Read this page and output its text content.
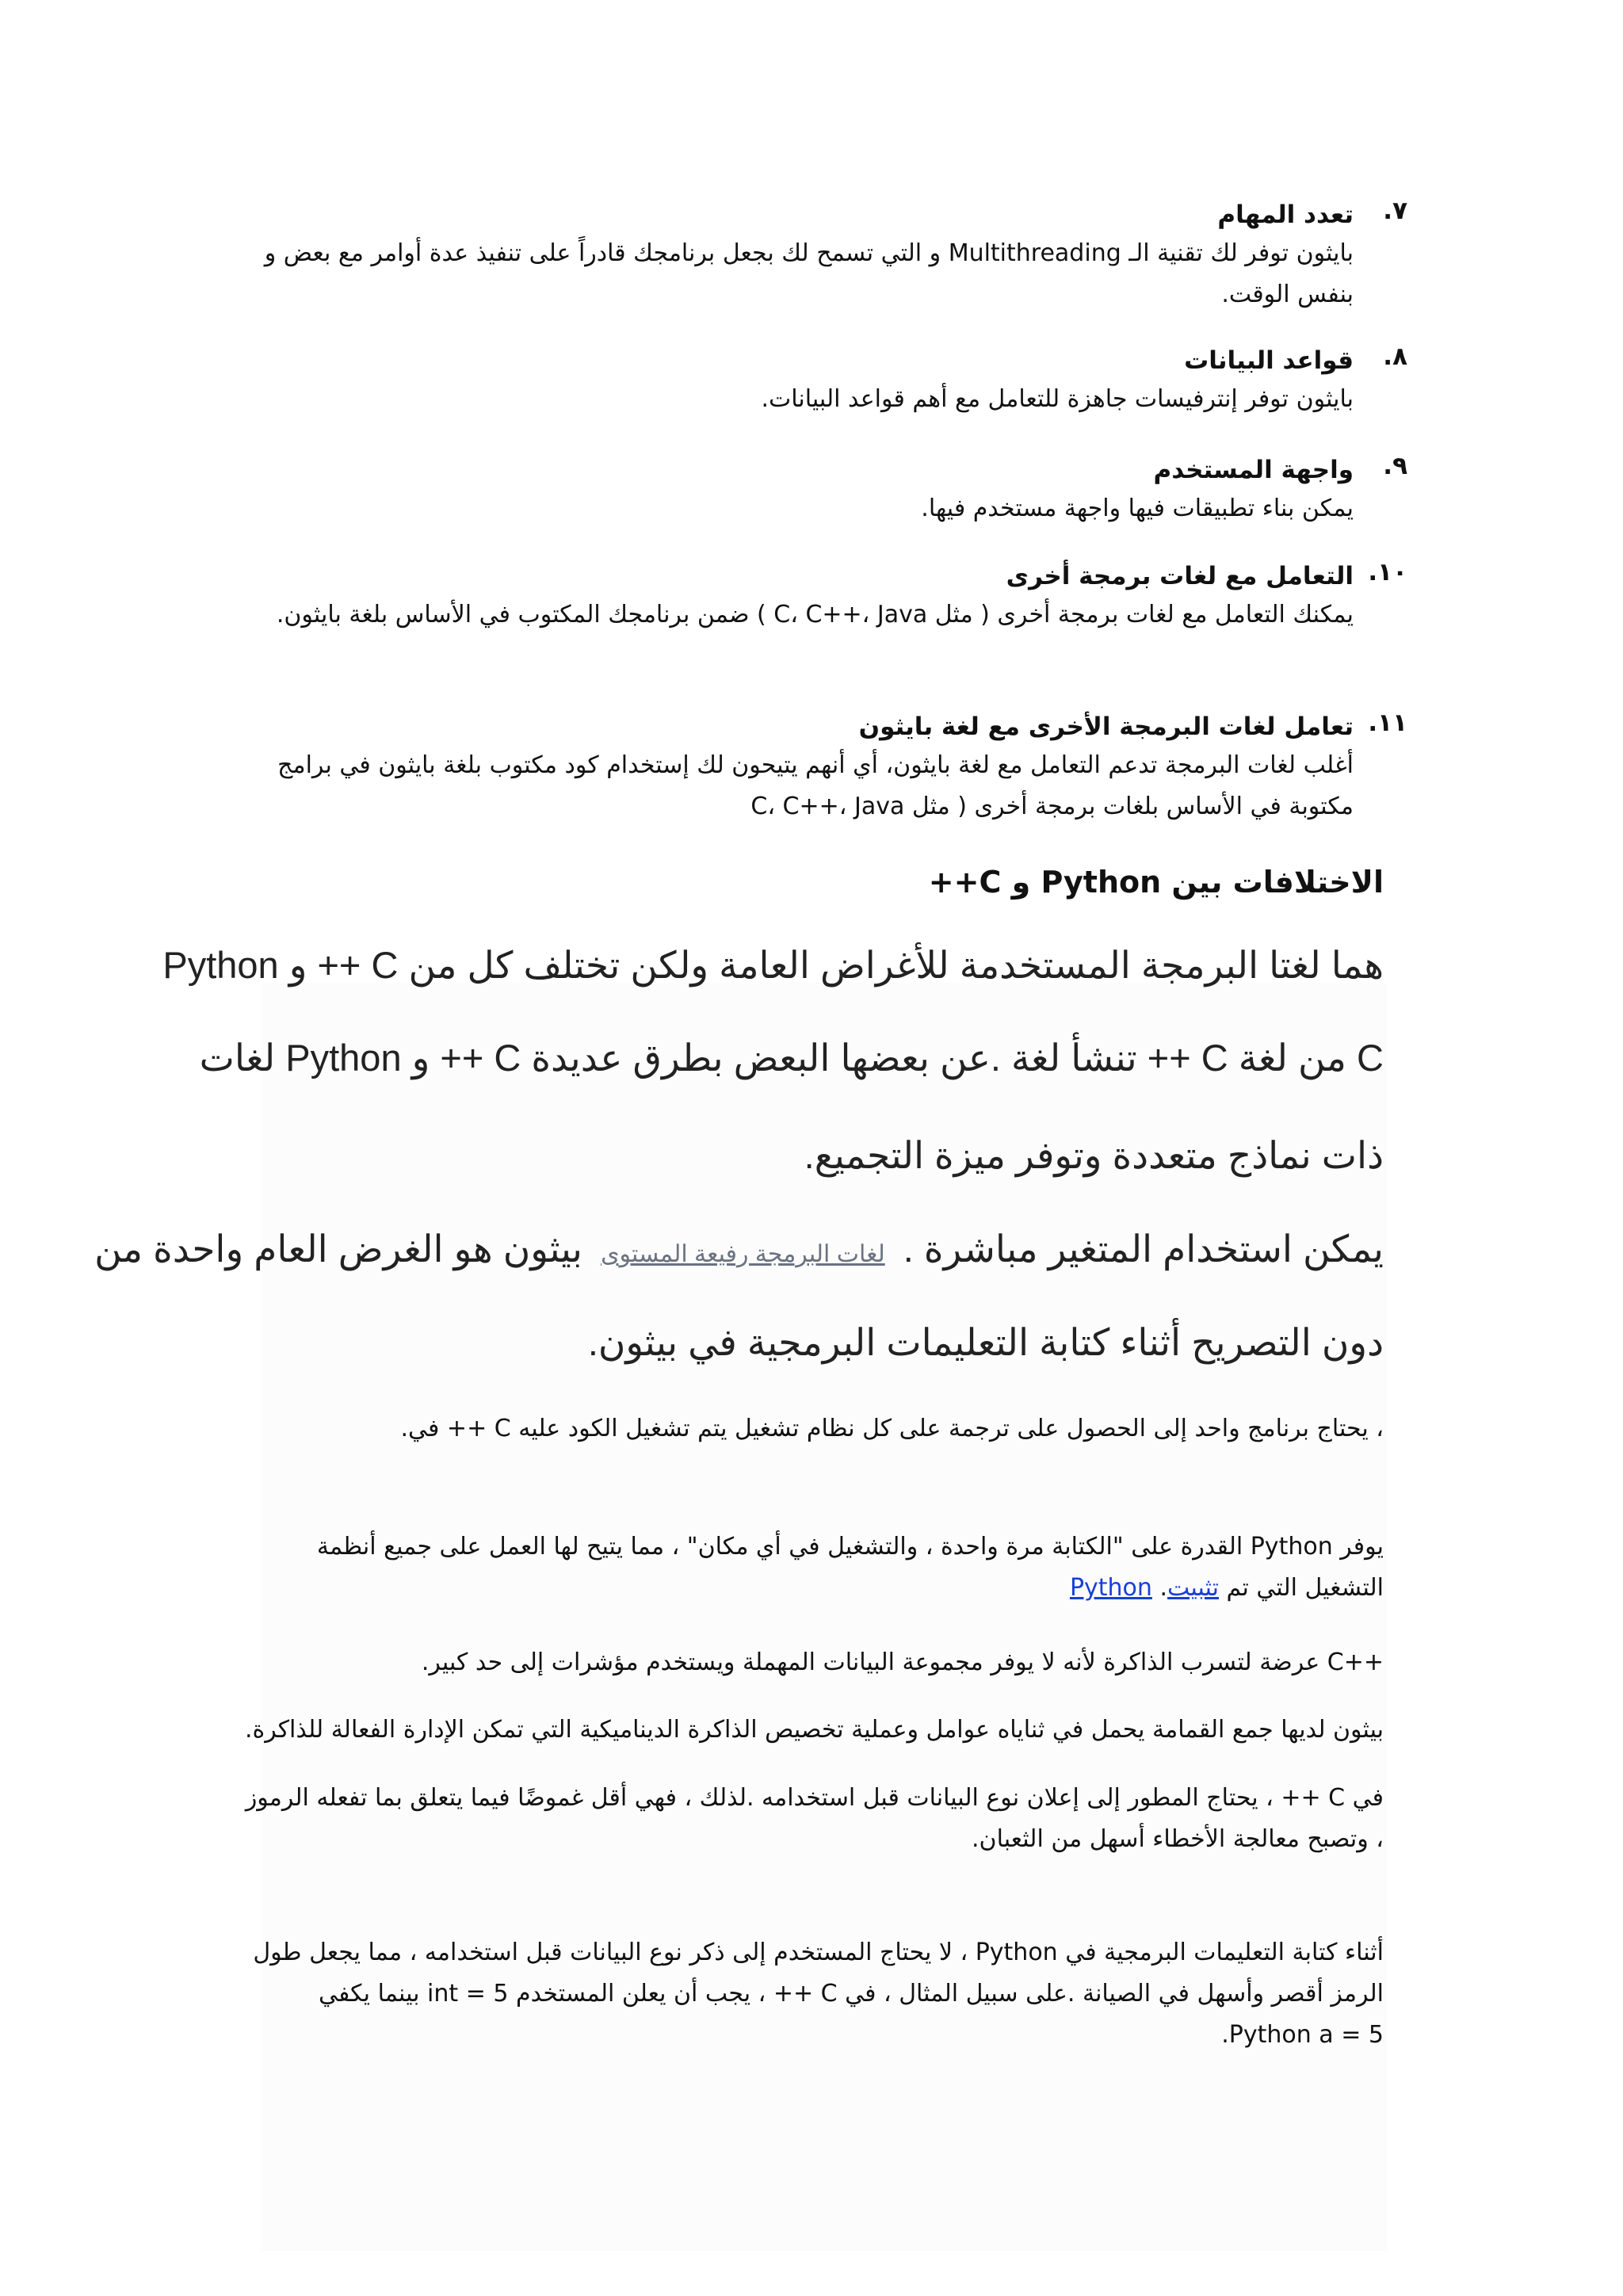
٧.
تعدد المهام
بايثون توفر لك تقنية الـ Multithreading و التي تسمح لك بجعل برنامجك قادراً على تنفيذ عدة أوامر مع بعض و بنفس الوقت.
٨.
قواعد البيانات
بايثون توفر إنترفيسات جاهزة للتعامل مع أهم قواعد البيانات.
٩.
واجهة المستخدم
يمكن بناء تطبيقات فيها واجهة مستخدم فيها.
١٠.
التعامل مع لغات برمجة أخرى
يمكنك التعامل مع لغات برمجة أخرى ( مثل C، C++، Java ) ضمن برنامجك المكتوب في الأساس بلغة بايثون.
١١.
تعامل لغات البرمجة الأخرى مع لغة بايثون
أغلب لغات البرمجة تدعم التعامل مع لغة بايثون، أي أنهم يتيحون لك إستخدام كود مكتوب بلغة بايثون في برامج مكتوبة في الأساس بلغات برمجة أخرى ( مثل C، C++، Java
الاختلافات بين Python و C++
هما لغتا البرمجة المستخدمة للأغراض العامة ولكن تختلف كل من C ++ و Python
C من لغة C ++ تنشأ لغة .عن بعضها البعض بطرق عديدة C ++ و Python لغات
ذات نماذج متعددة وتوفر ميزة التجميع.
يمكن استخدام المتغير مباشرة . لغات البرمجة رفيعة المستوى بيثون هو الغرض العام واحدة من
دون التصريح أثناء كتابة التعليمات البرمجية في بيثون.
، يحتاج برنامج واحد إلى الحصول على ترجمة على كل نظام تشغيل يتم تشغيل الكود عليه C ++ في.
يوفر Python القدرة على "الكتابة مرة واحدة ، والتشغيل في أي مكان" ، مما يتيح لها العمل على جميع أنظمة التشغيل التي تم تثبيت. Python
++C عرضة لتسرب الذاكرة لأنه لا يوفر مجموعة البيانات المهملة ويستخدم مؤشرات إلى حد كبير.
بيثون لديها جمع القمامة يحمل في ثناياه عوامل وعملية تخصيص الذاكرة الديناميكية التي تمكن الإدارة الفعالة للذاكرة.
في C ++ ، يحتاج المطور إلى إعلان نوع البيانات قبل استخدامه .لذلك ، فهي أقل غموضًا فيما يتعلق بما تفعله الرموز ، وتصبح معالجة الأخطاء أسهل من الثعبان.
أثناء كتابة التعليمات البرمجية في Python ، لا يحتاج المستخدم إلى ذكر نوع البيانات قبل استخدامه ، مما يجعل طول الرمز أقصر وأسهل في الصيانة .على سبيل المثال ، في C ++ ، يجب أن يعلن المستخدم int = 5 بينما يكفي Python a = 5.
